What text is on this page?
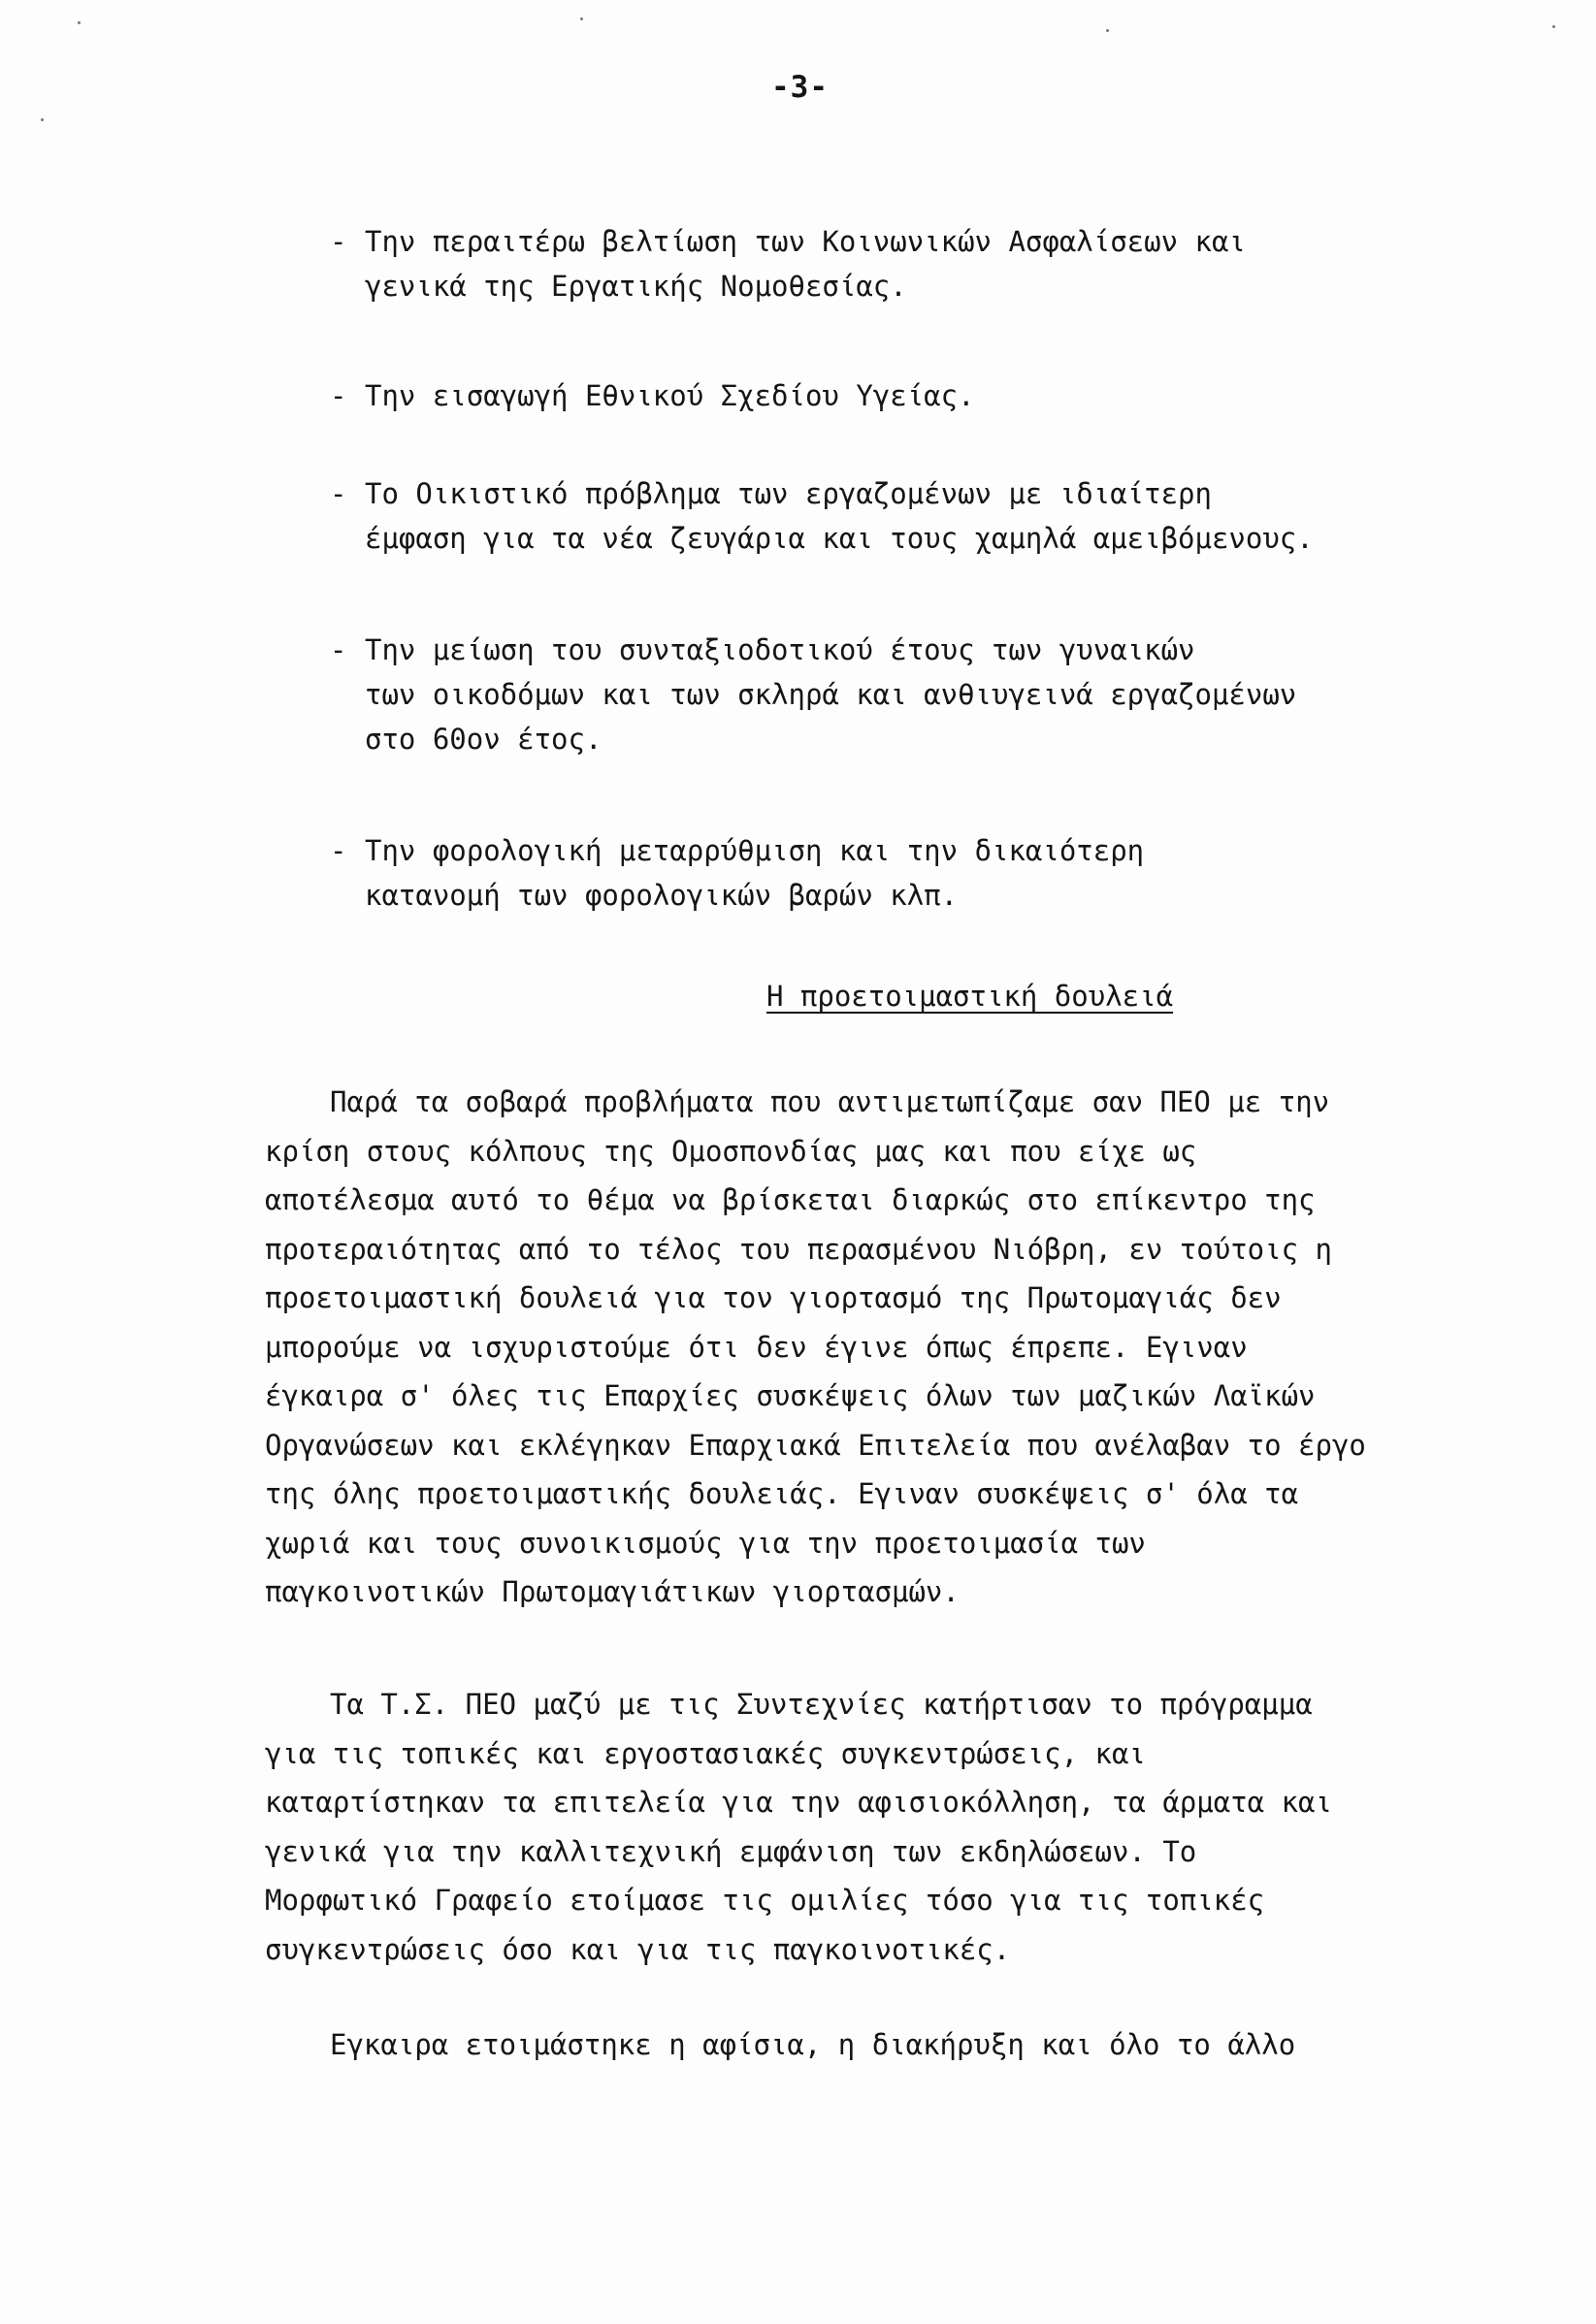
-3-
- Την περαιτέρω βελτίωση των Κοινωνικών Ασφαλίσεων και
γενικά της Εργατικής Νομοθεσίας.
- Την εισαγωγή Εθνικού Σχεδίου Υγείας.
- Το Οικιστικό πρόβλημα των εργαζομένων με ιδιαίτερη
έμφαση για τα νέα ζευγάρια και τους χαμηλά αμειβόμενους.
- Την μείωση του συνταξιοδοτικού έτους των γυναικών
των οικοδόμων και των σκληρά και ανθιυγεινά εργαζομένων
στο 60ον έτος.
- Την φορολογική μεταρρύθμιση και την δικαιότερη
κατανομή των φορολογικών βαρών κλπ.
Η προετοιμαστική δουλειά
Παρά τα σοβαρά προβλήματα που αντιμετωπίζαμε σαν ΠΕΟ με την
κρίση στους κόλπους της Ομοσπονδίας μας και που είχε ως
αποτέλεσμα αυτό το θέμα να βρίσκεται διαρκώς στο επίκεντρο της
προτεραιότητας από το τέλος του περασμένου Νιόβρη, εν τούτοις η
προετοιμαστική δουλειά για τον γιορτασμό της Πρωτομαγιάς δεν
μπορούμε να ισχυριστούμε ότι δεν έγινε όπως έπρεπε. Εγιναν
έγκαιρα σ' όλες τις Επαρχίες συσκέψεις όλων των μαζικών Λαϊκών
Οργανώσεων και εκλέγηκαν Επαρχιακά Επιτελεία που ανέλαβαν το έργο
της όλης προετοιμαστικής δουλειάς. Εγιναν συσκέψεις σ' όλα τα
χωριά και τους συνοικισμούς για την προετοιμασία των
παγκοινοτικών Πρωτομαγιάτικων γιορτασμών.
Τα Τ.Σ. ΠΕΟ μαζύ με τις Συντεχνίες κατήρτισαν το πρόγραμμα
για τις τοπικές και εργοστασιακές συγκεντρώσεις, και
καταρτίστηκαν τα επιτελεία για την αφισιοκόλληση, τα άρματα και
γενικά για την καλλιτεχνική εμφάνιση των εκδηλώσεων. Το
Μορφωτικό Γραφείο ετοίμασε τις ομιλίες τόσο για τις τοπικές
συγκεντρώσεις όσο και για τις παγκοινοτικές.
Εγκαιρα ετοιμάστηκε η αφίσια, η διακήρυξη και όλο το άλλο
